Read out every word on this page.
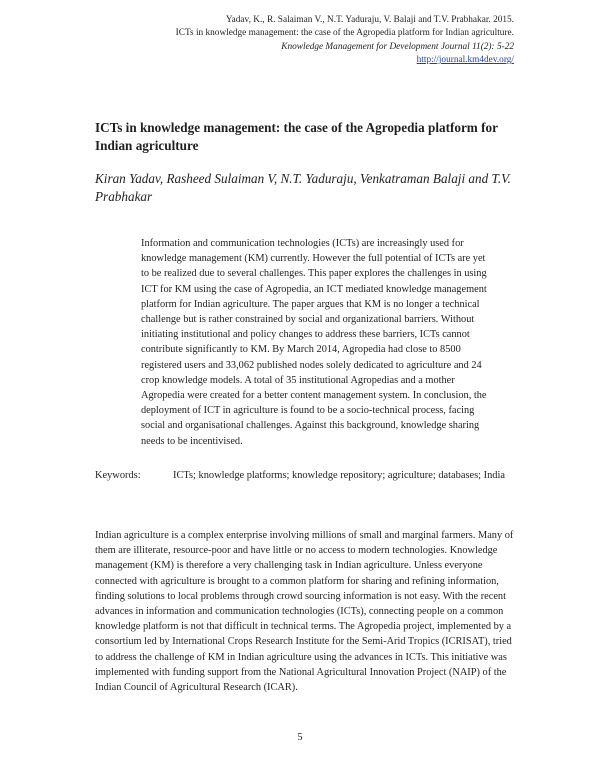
Yadav, K., R. Salaiman V., N.T. Yaduraju, V. Balaji and T.V. Prabhakar. 2015.
ICTs in knowledge management: the case of the Agropedia platform for Indian agriculture.
Knowledge Management for Development Journal 11(2): 5-22
http://journal.km4dev.org/
ICTs in knowledge management: the case of the Agropedia platform for Indian agriculture

Kiran Yadav, Rasheed Sulaiman V, N.T. Yaduraju, Venkatraman Balaji and T.V. Prabhakar

Information and communication technologies (ICTs) are increasingly used for knowledge management (KM) currently. However the full potential of ICTs are yet to be realized due to several challenges. This paper explores the challenges in using ICT for KM using the case of Agropedia, an ICT mediated knowledge management platform for Indian agriculture. The paper argues that KM is no longer a technical challenge but is rather constrained by social and organizational barriers. Without initiating institutional and policy changes to address these barriers, ICTs cannot contribute significantly to KM. By March 2014, Agropedia had close to 8500 registered users and 33,062 published nodes solely dedicated to agriculture and 24 crop knowledge models. A total of 35 institutional Agropedias and a mother Agropedia were created for a better content management system. In conclusion, the deployment of ICT in agriculture is found to be a socio-technical process, facing social and organisational challenges. Against this background, knowledge sharing needs to be incentivised.

Keywords:	ICTs; knowledge platforms; knowledge repository; agriculture; databases; India

Indian agriculture is a complex enterprise involving millions of small and marginal farmers. Many of them are illiterate, resource-poor and have little or no access to modern technologies. Knowledge management (KM) is therefore a very challenging task in Indian agriculture. Unless everyone connected with agriculture is brought to a common platform for sharing and refining information, finding solutions to local problems through crowd sourcing information is not easy. With the recent advances in information and communication technologies (ICTs), connecting people on a common knowledge platform is not that difficult in technical terms. The Agropedia project, implemented by a consortium led by International Crops Research Institute for the Semi-Arid Tropics (ICRISAT), tried to address the challenge of KM in Indian agriculture using the advances in ICTs. This initiative was implemented with funding support from the National Agricultural Innovation Project (NAIP) of the Indian Council of Agricultural Research (ICAR).

5
